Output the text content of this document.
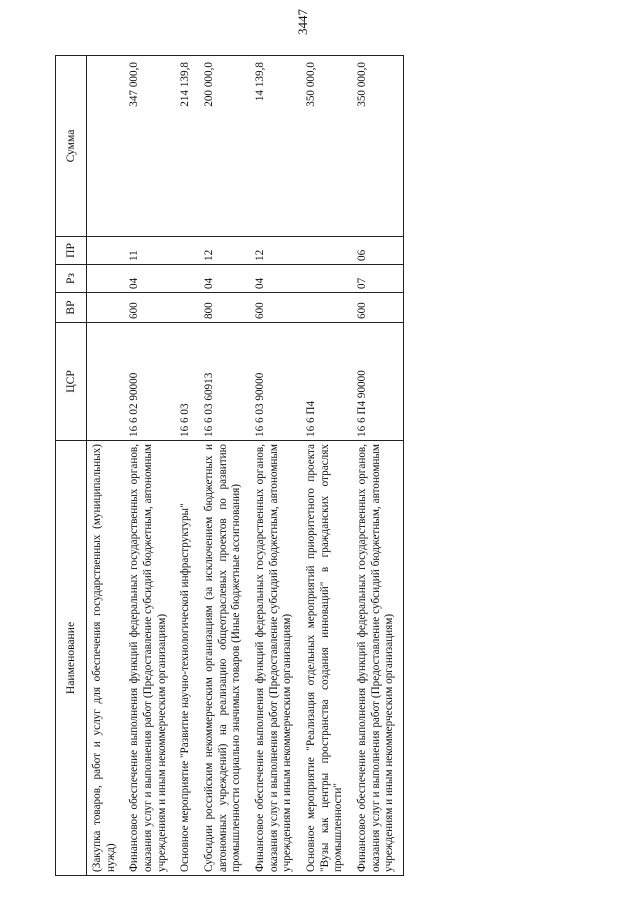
3447
Наименование	ЦСР	ВР	Рз	ПР	Сумма
(Закупка товаров, работ и услуг для обеспечения государственных (муниципальных) нужд)					
Финансовое обеспечение выполнения функций федеральных государственных органов, оказания услуг и выполнения работ (Предоставление субсидий бюджетным, автономным учреждениям и иным некоммерческим организациям)	16 6 02 90000	600	04	11	347 000,0
Основное мероприятие "Развитие научно-технологической инфраструктуры"	16 6 03				214 139,8
Субсидии российским некоммерческим организациям (за исключением бюджетных и автономных учреждений) на реализацию общеотраслевых проектов по развитию промышленности социально значимых товаров (Иные бюджетные ассигнования)	16 6 03 60913	800	04	12	200 000,0
Финансовое обеспечение выполнения функций федеральных государственных органов, оказания услуг и выполнения работ (Предоставление субсидий бюджетным, автономным учреждениям и иным некоммерческим организациям)	16 6 03 90000	600	04	12	14 139,8
Основное мероприятие "Реализация отдельных мероприятий приоритетного проекта "Вузы как центры пространства создания инноваций" в гражданских отраслях промышленности"	16 6 П4				350 000,0
Финансовое обеспечение выполнения функций федеральных государственных органов, оказания услуг и выполнения работ (Предоставление субсидий бюджетным, автономным учреждениям и иным некоммерческим организациям)	16 6 П4 90000	600	07	06	350 000,0
